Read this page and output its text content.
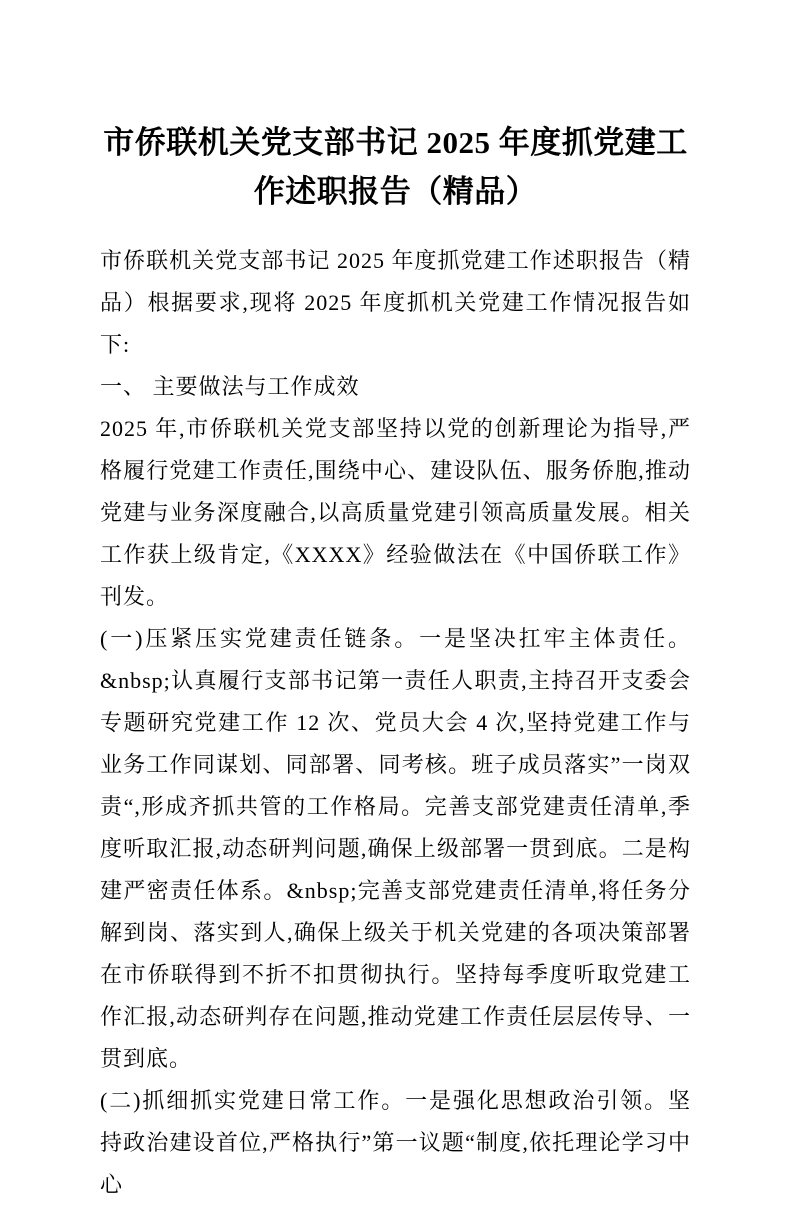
市侨联机关党支部书记 2025 年度抓党建工作述职报告（精品）

市侨联机关党支部书记 2025 年度抓党建工作述职报告（精品）根据要求,现将 2025 年度抓机关党建工作情况报告如下:

一、 主要做法与工作成效

2025 年,市侨联机关党支部坚持以党的创新理论为指导,严格履行党建工作责任,围绕中心、建设队伍、服务侨胞,推动党建与业务深度融合,以高质量党建引领高质量发展。相关工作获上级肯定,《XXXX》经验做法在《中国侨联工作》刊发。

(一)压紧压实党建责任链条。一是坚决扛牢主体责任。&nbsp;认真履行支部书记第一责任人职责,主持召开支委会专题研究党建工作 12 次、党员大会 4 次,坚持党建工作与业务工作同谋划、同部署、同考核。班子成员落实”一岗双责“,形成齐抓共管的工作格局。完善支部党建责任清单,季度听取汇报,动态研判问题,确保上级部署一贯到底。二是构建严密责任体系。&nbsp;完善支部党建责任清单,将任务分解到岗、落实到人,确保上级关于机关党建的各项决策部署在市侨联得到不折不扣贯彻执行。坚持每季度听取党建工作汇报,动态研判存在问题,推动党建工作责任层层传导、一贯到底。

(二)抓细抓实党建日常工作。一是强化思想政治引领。坚持政治建设首位,严格执行”第一议题“制度,依托理论学习中心
